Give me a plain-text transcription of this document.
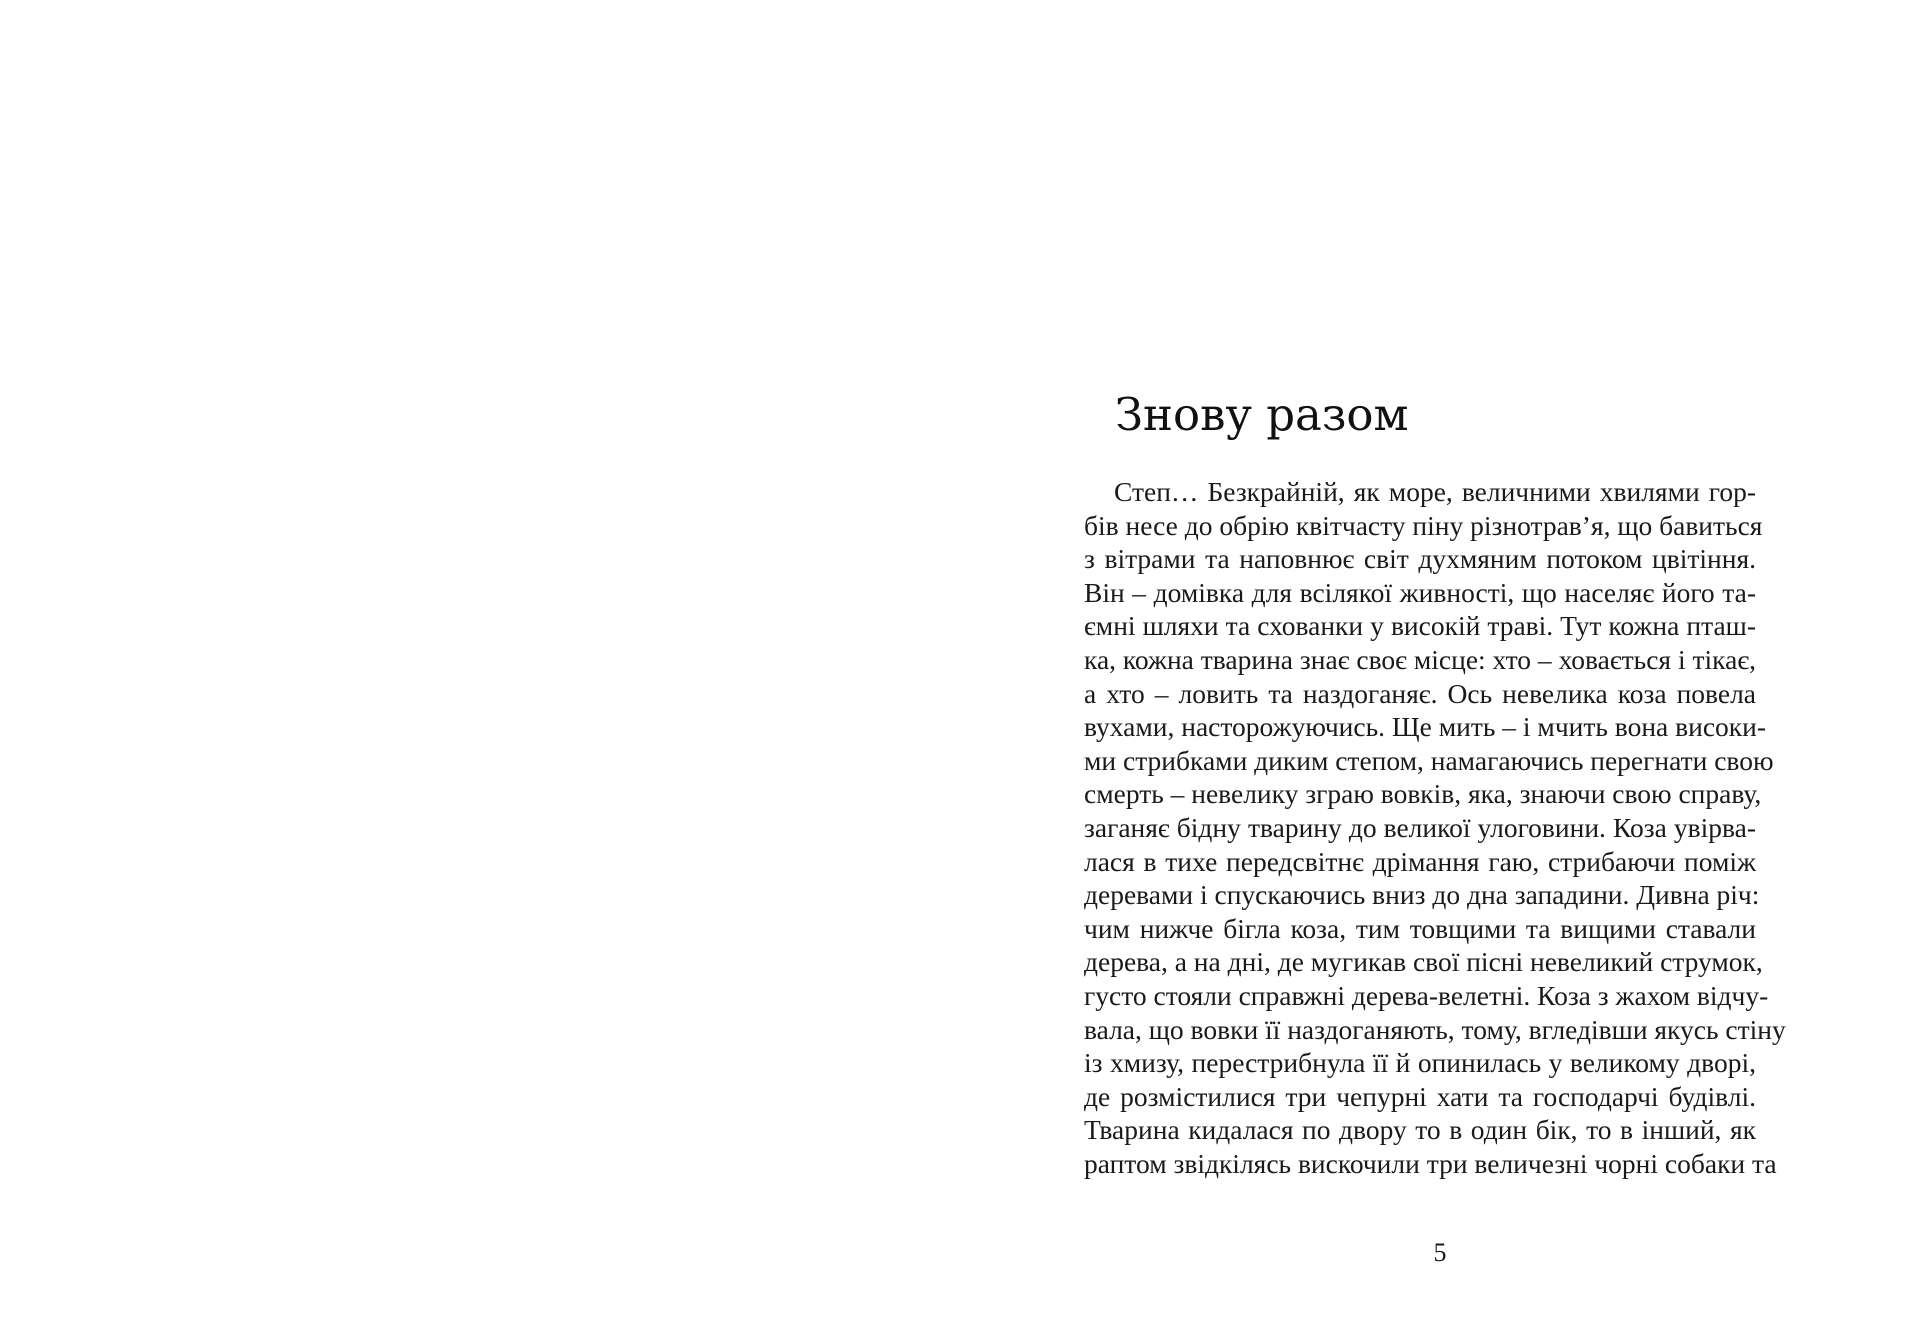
Знову разом
Степ… Безкрайній, як море, величними хвилями гор-
бів несе до обрію квітчасту піну різнотрав’я, що бавиться
з вітрами та наповнює світ духмяним потоком цвітіння.
Він – домівка для всілякої живності, що населяє його та-
ємні шляхи та схованки у високій траві. Тут кожна пташ-
ка, кожна тварина знає своє місце: хто – ховається і тікає,
а хто – ловить та наздоганяє. Ось невелика коза повела
вухами, насторожуючись. Ще мить – і мчить вона високи-
ми стрибками диким степом, намагаючись перегнати свою
смерть – невелику зграю вовків, яка, знаючи свою справу,
заганяє бідну тварину до великої улоговини. Коза увірва-
лася в тихе передсвітнє дрімання гаю, стрибаючи поміж
деревами і спускаючись вниз до дна западини. Дивна річ:
чим нижче бігла коза, тим товщими та вищими ставали
дерева, а на дні, де мугикав свої пісні невеликий струмок,
густо стояли справжні дерева-велетні. Коза з жахом відчу-
вала, що вовки її наздоганяють, тому, вгледівши якусь стіну
із хмизу, перестрибнула її й опинилась у великому дворі,
де розмістилися три чепурні хати та господарчі будівлі.
Тварина кидалася по двору то в один бік, то в інший, як
раптом звідкілясь вискочили три величезні чорні собаки та
5
